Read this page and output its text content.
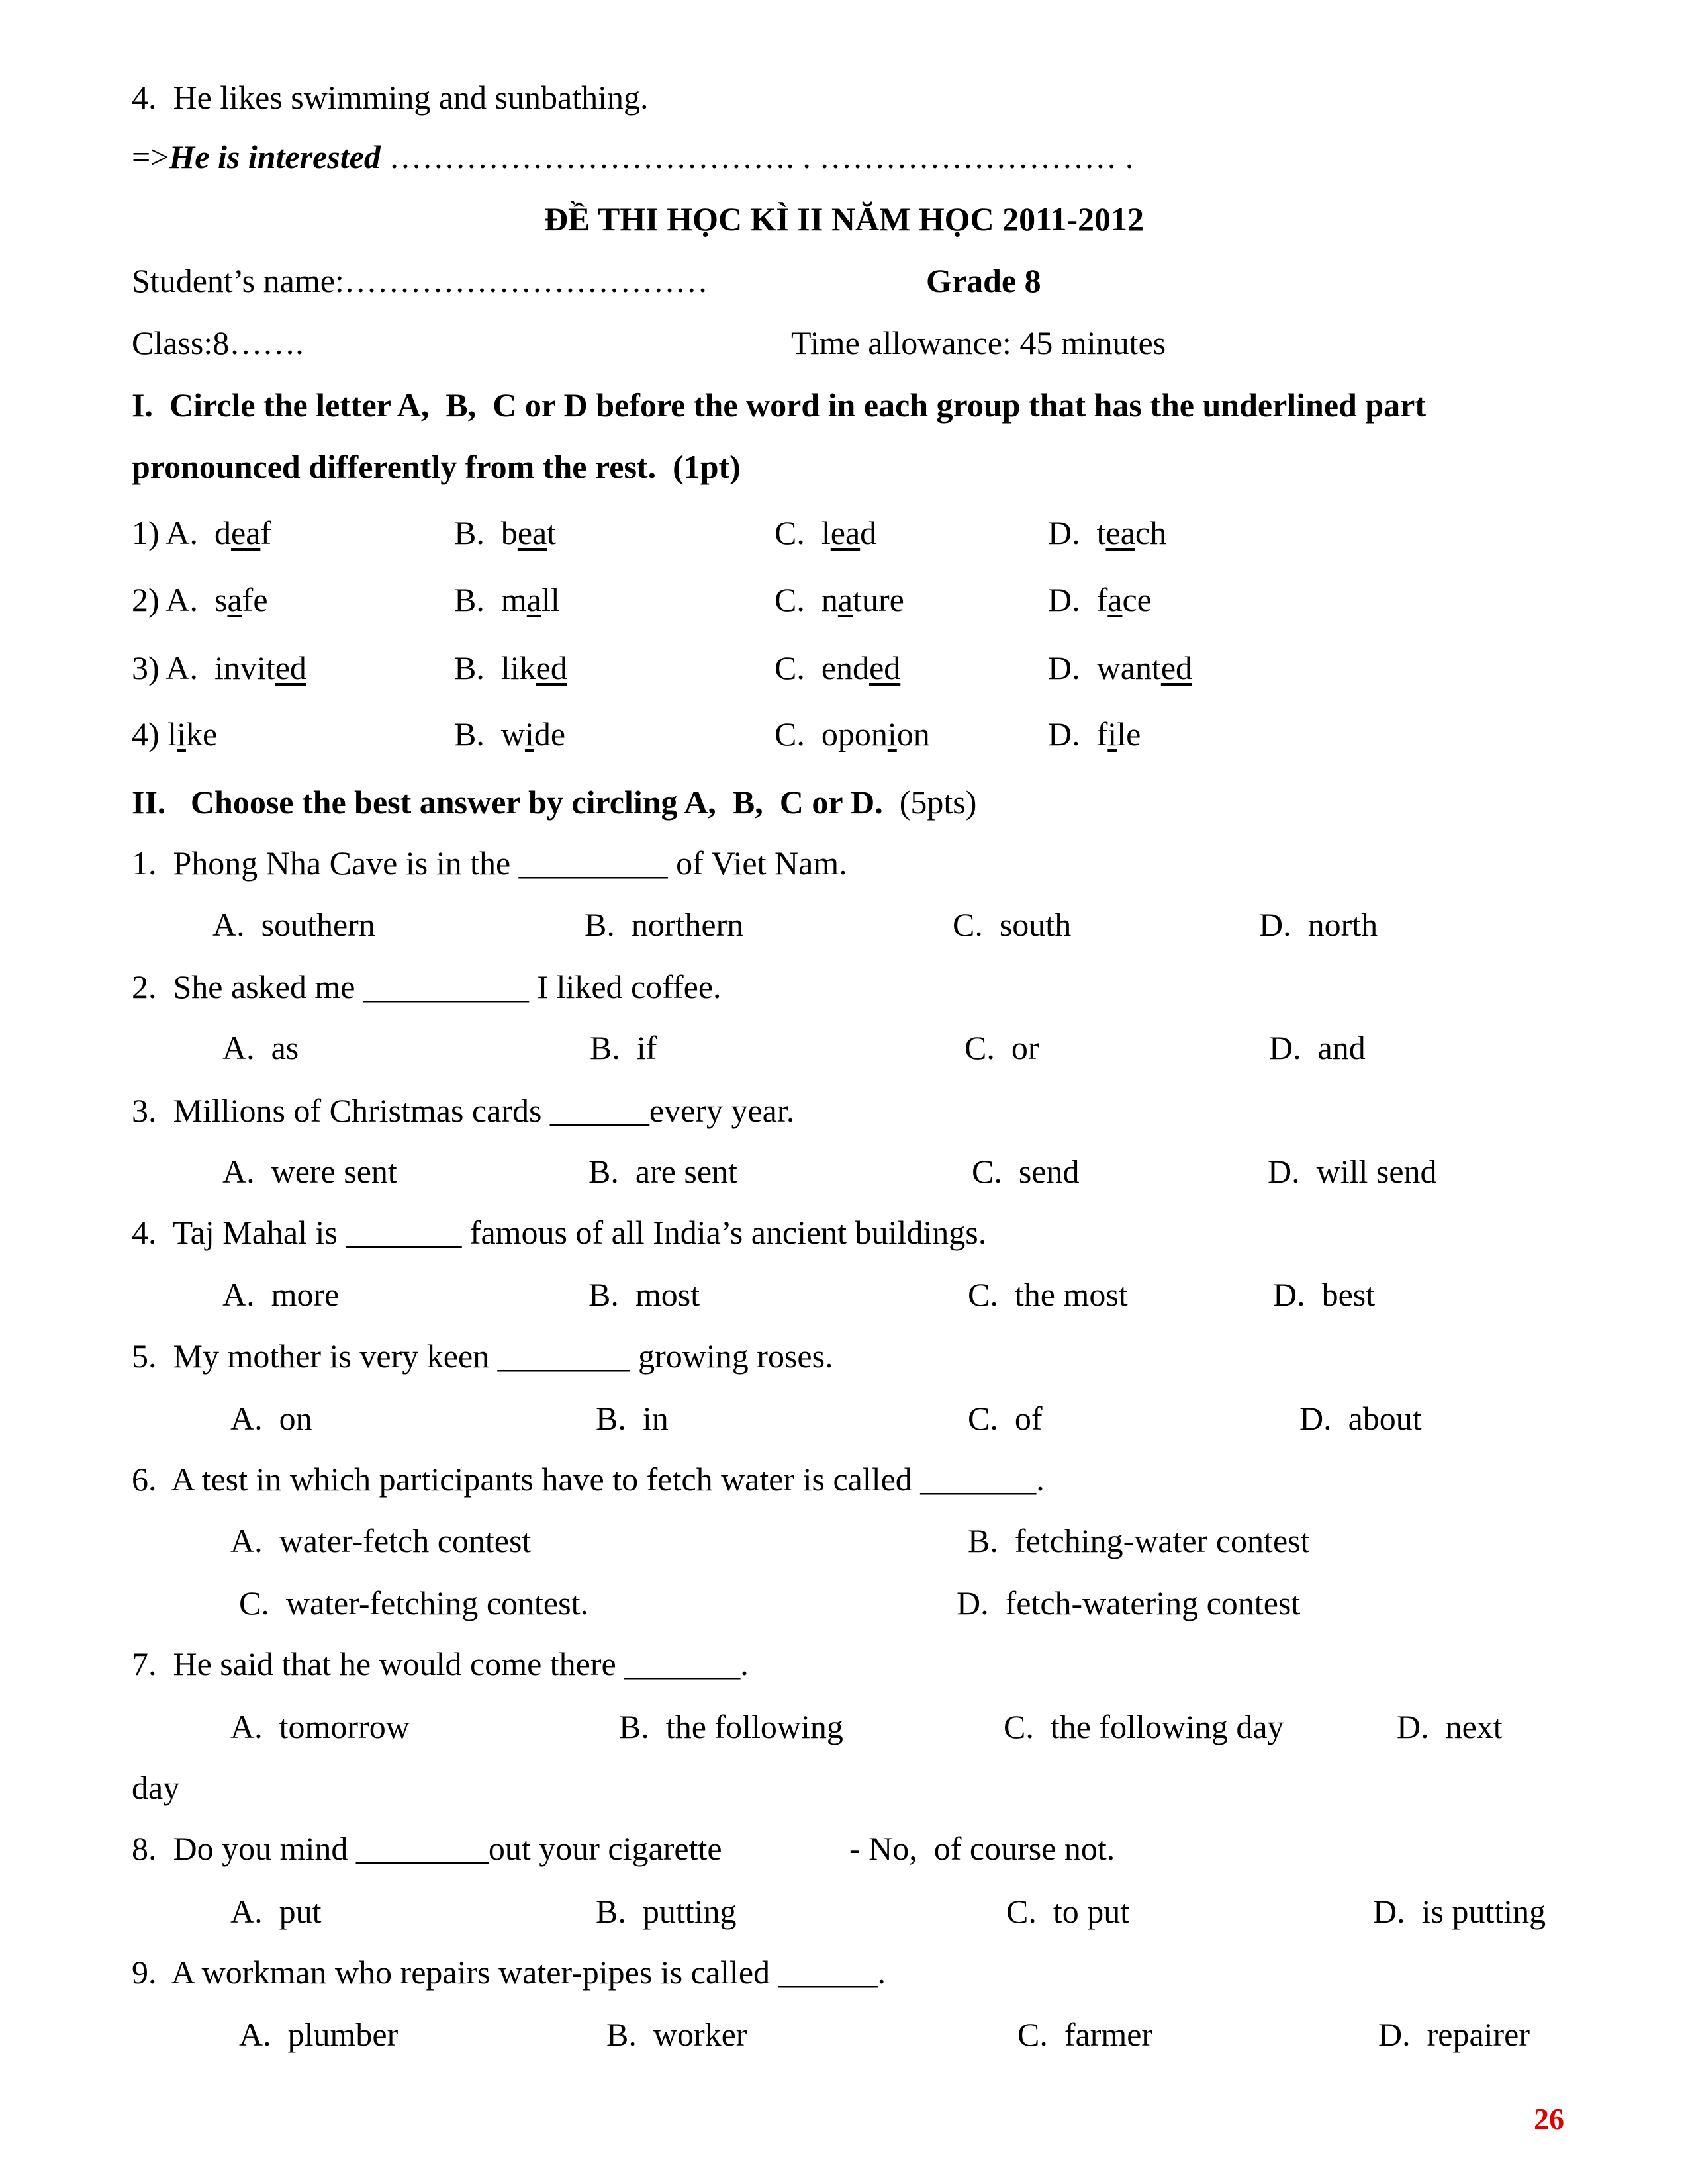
4.  He likes swimming and sunbathing.
=>He is interested ………………………………. . ……………………… .
ĐỀ THI HỌC KÌ II NĂM HỌC 2011-2012
Student’s name:……………………………	Grade 8
Class:8…….	Time allowance: 45 minutes
I.  Circle the letter A,  B,  C or D before the word in each group that has the underlined part
pronounced differently from the rest.  (1pt)
1) A.  deaf	B.  beat	C.  lead	D.  teach
2) A.  safe	B.  mall	C.  nature	D.  face
3) A.  invited	B.  liked	C.  ended	D.  wanted
4) like	B.  wide	C.  oponion	D.  file
II.   Choose the best answer by circling A,  B,  C or D.  (5pts)
1.  Phong Nha Cave is in the _________ of Viet Nam.
A.  southern	B.  northern	C.  south	D.  north
2.  She asked me __________ I liked coffee.
A.  as	B.  if	C.  or	D.  and
3.  Millions of Christmas cards ______every year.
A.  were sent	B.  are sent	C.  send	D.  will send
4.  Taj Mahal is _______ famous of all India’s ancient buildings.
A.  more	B.  most	C.  the most	D.  best
5.  My mother is very keen ________ growing roses.
A.  on	B.  in	C.  of	D.  about
6.  A test in which participants have to fetch water is called _______.
A.  water-fetch contest	B.  fetching-water contest
C.  water-fetching contest.	D.  fetch-watering contest
7.  He said that he would come there _______.
A.  tomorrow	B.  the following	C.  the following day	D.  next
day
8.  Do you mind ________out your cigarette	- No,  of course not.
A.  put	B.  putting	C.  to put	D.  is putting
9.  A workman who repairs water-pipes is called ______.
A.  plumber	B.  worker	C.  farmer	D.  repairer
26
